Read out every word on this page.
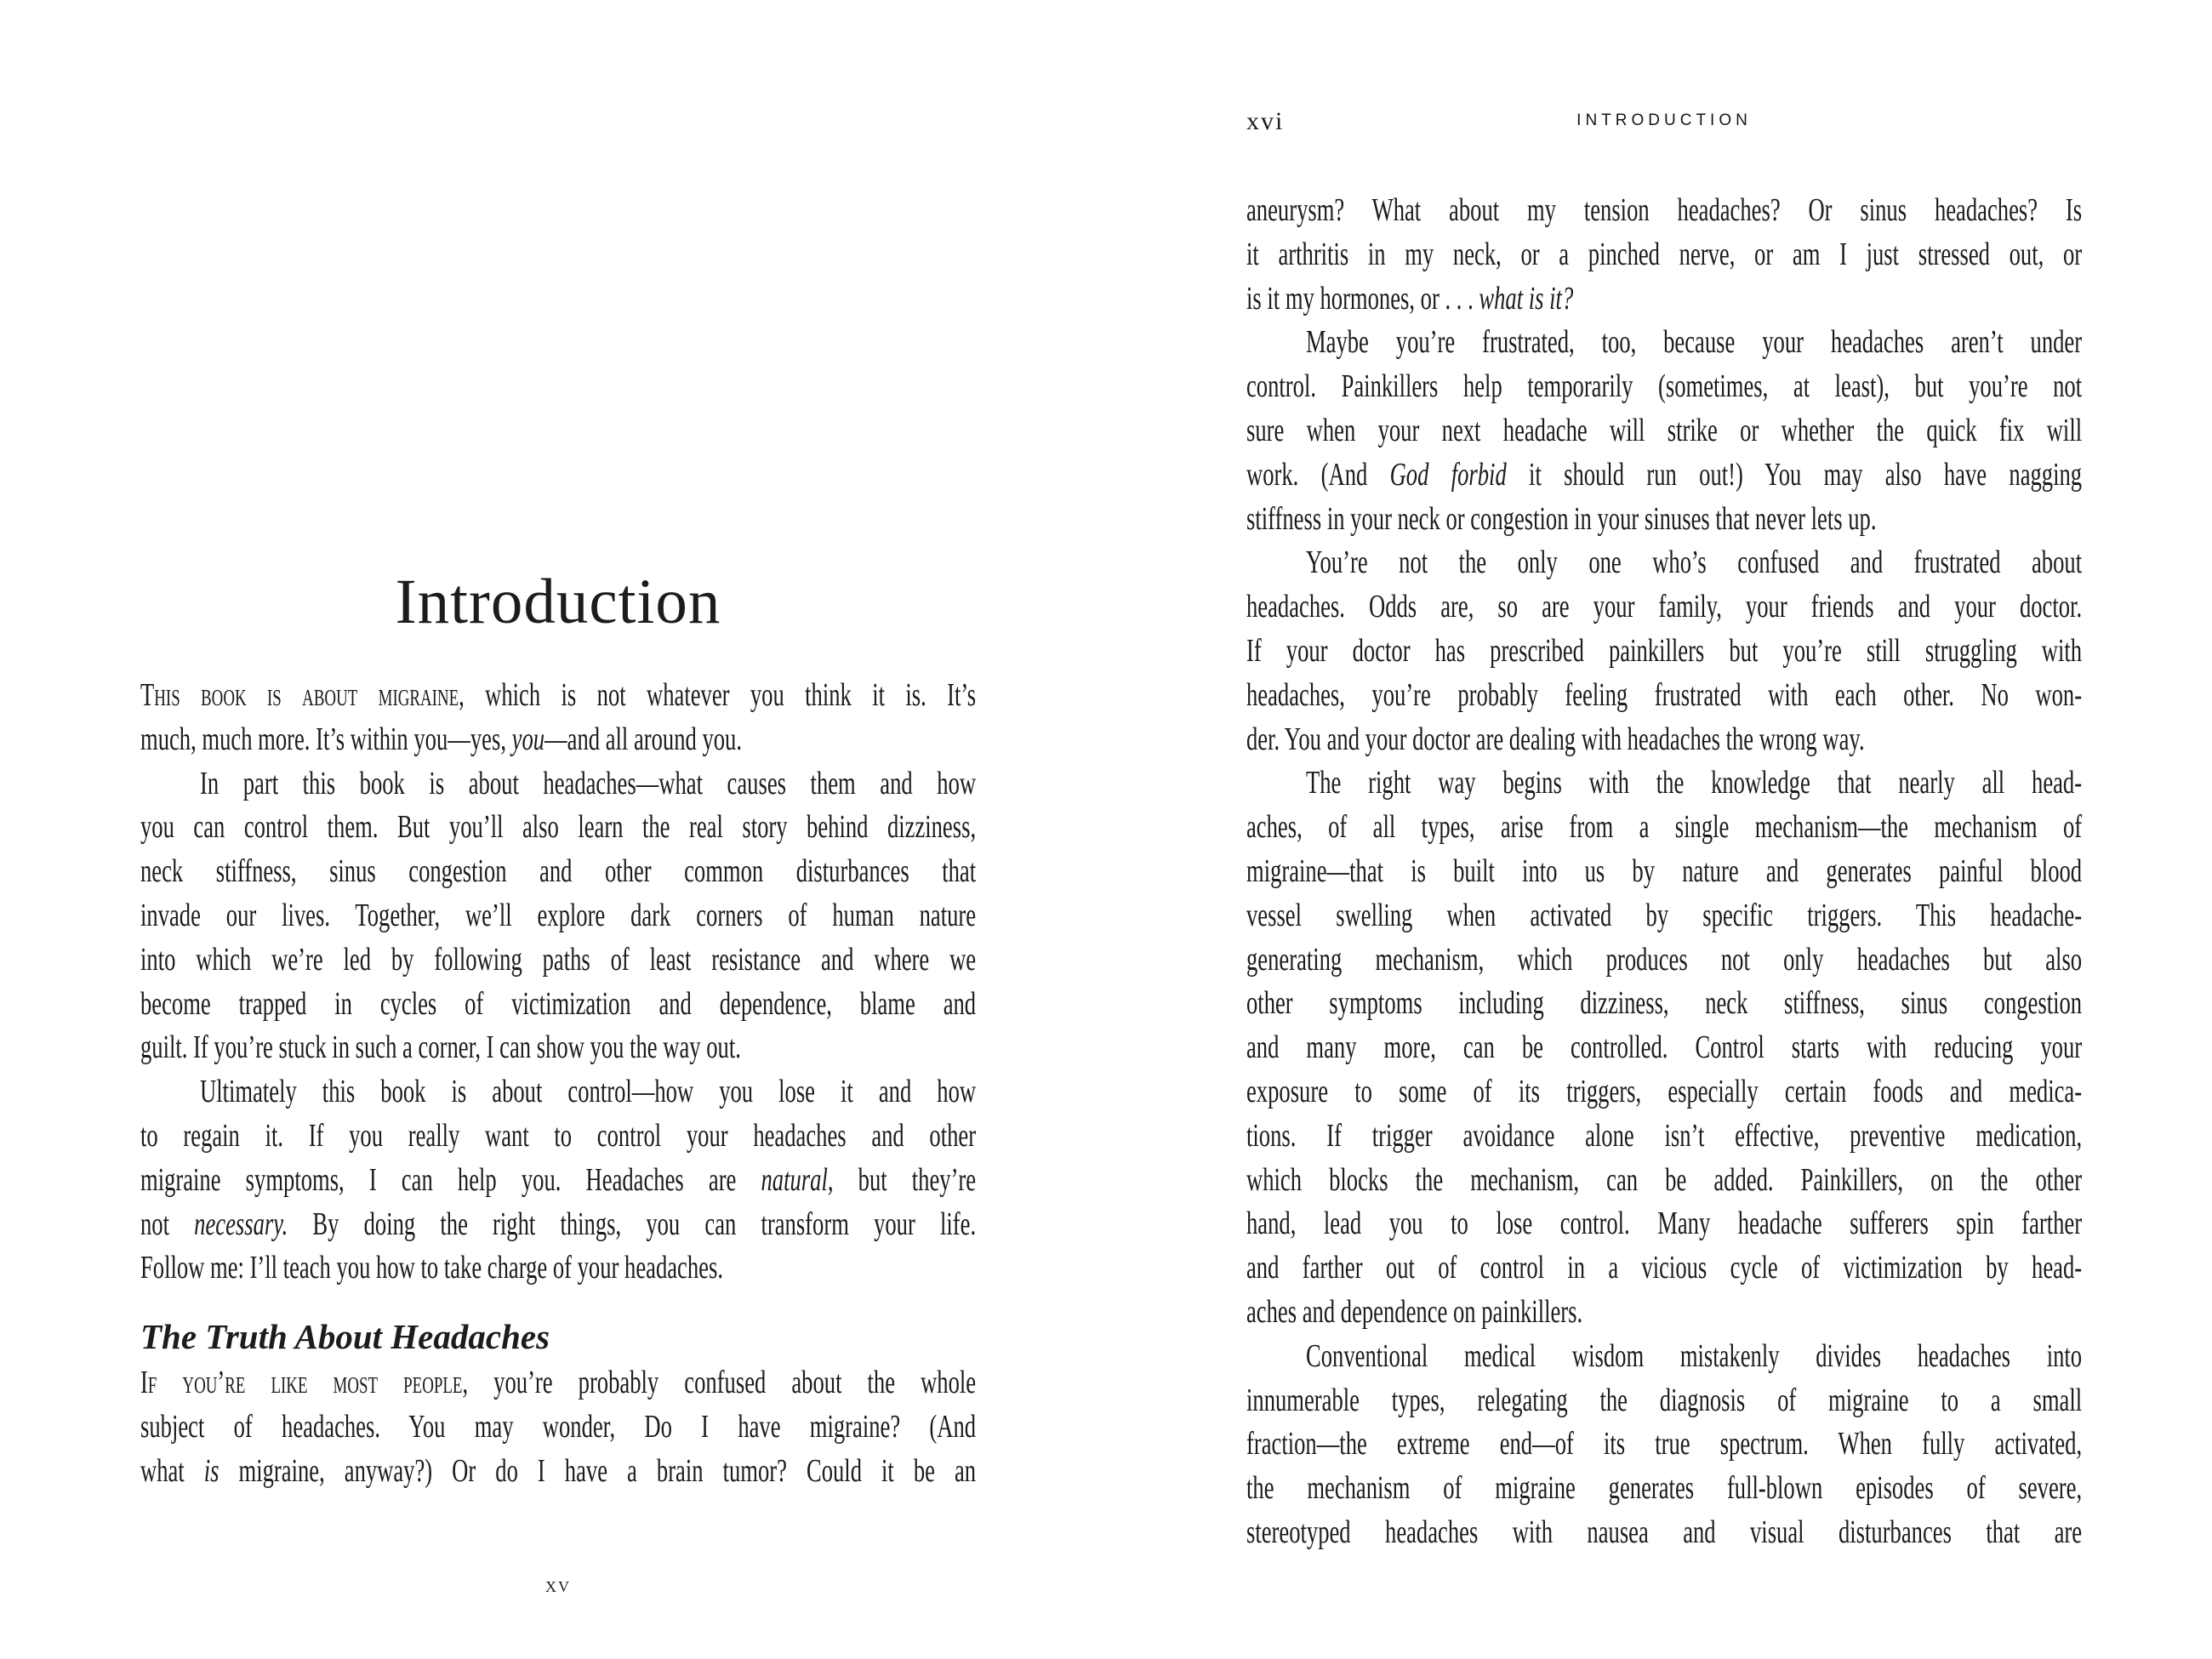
Introduction
This book is about migraine, which is not whatever you think it is. It’s
much, much more. It’s within you—yes, you—and all around you.
In part this book is about headaches—what causes them and how
you can control them. But you’ll also learn the real story behind dizziness,
neck stiffness, sinus congestion and other common disturbances that
invade our lives. Together, we’ll explore dark corners of human nature
into which we’re led by following paths of least resistance and where we
become trapped in cycles of victimization and dependence, blame and
guilt. If you’re stuck in such a corner, I can show you the way out.
Ultimately this book is about control—how you lose it and how
to regain it. If you really want to control your headaches and other
migraine symptoms, I can help you. Headaches are natural, but they’re
not necessary. By doing the right things, you can transform your life.
Follow me: I’ll teach you how to take charge of your headaches.
The Truth About Headaches
If you’re like most people, you’re probably confused about the whole
subject of headaches. You may wonder, Do I have migraine? (And
what is migraine, anyway?) Or do I have a brain tumor? Could it be an
xv
xvi	INTRODUCTION
aneurysm? What about my tension headaches? Or sinus headaches? Is
it arthritis in my neck, or a pinched nerve, or am I just stressed out, or
is it my hormones, or . . . what is it?
Maybe you’re frustrated, too, because your headaches aren’t under
control. Painkillers help temporarily (sometimes, at least), but you’re not
sure when your next headache will strike or whether the quick fix will
work. (And God forbid it should run out!) You may also have nagging
stiffness in your neck or congestion in your sinuses that never lets up.
You’re not the only one who’s confused and frustrated about
headaches. Odds are, so are your family, your friends and your doctor.
If your doctor has prescribed painkillers but you’re still struggling with
headaches, you’re probably feeling frustrated with each other. No won-
der. You and your doctor are dealing with headaches the wrong way.
The right way begins with the knowledge that nearly all head-
aches, of all types, arise from a single mechanism—the mechanism of
migraine—that is built into us by nature and generates painful blood
vessel swelling when activated by specific triggers. This headache-
generating mechanism, which produces not only headaches but also
other symptoms including dizziness, neck stiffness, sinus congestion
and many more, can be controlled. Control starts with reducing your
exposure to some of its triggers, especially certain foods and medica-
tions. If trigger avoidance alone isn’t effective, preventive medication,
which blocks the mechanism, can be added. Painkillers, on the other
hand, lead you to lose control. Many headache sufferers spin farther
and farther out of control in a vicious cycle of victimization by head-
aches and dependence on painkillers.
Conventional medical wisdom mistakenly divides headaches into
innumerable types, relegating the diagnosis of migraine to a small
fraction—the extreme end—of its true spectrum. When fully activated,
the mechanism of migraine generates full-blown episodes of severe,
stereotyped headaches with nausea and visual disturbances that are
